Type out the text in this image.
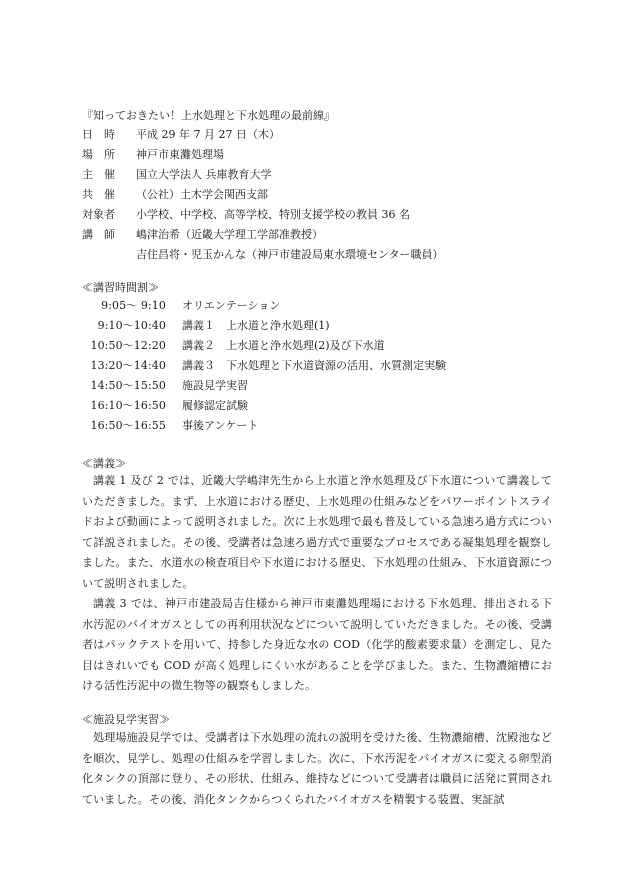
『知っておきたい！上水処理と下水処理の最前線』
日　時	平成 29 年 7 月 27 日（木）
場　所	神戸市東灘処理場
主　催	国立大学法人 兵庫教育大学
共　催	（公社）土木学会関西支部
対象者	小学校、中学校、高等学校、特別支援学校の教員 36 名
講　師	嶋津治希（近畿大学理工学部准教授）
吉住昌将・児玉かんな（神戸市建設局東水環境センター職員）
≪講習時間割≫
9:05～ 9:10	オリエンテーション
9:10～10:40	講義１　上水道と浄水処理(1)
10:50～12:20	講義２　上水道と浄水処理(2)及び下水道
13:20～14:40	講義３　下水処理と下水道資源の活用、水質測定実験
14:50～15:50	施設見学実習
16:10～16:50	履修認定試験
16:50～16:55	事後アンケート
≪講義≫

講義 1 及び 2 では、近畿大学嶋津先生から上水道と浄水処理及び下水道について講義していただきました。まず、上水道における歴史、上水処理の仕組みなどをパワーポイントスライドおよび動画によって説明されました。次に上水処理で最も普及している急速ろ過方式について詳説されました。その後、受講者は急速ろ過方式で重要なプロセスである凝集処理を観察しました。また、水道水の検査項目や下水道における歴史、下水処理の仕組み、下水道資源について説明されました。

講義 3 では、神戸市建設局吉住様から神戸市東灘処理場における下水処理、排出される下水汚泥のバイオガスとしての再利用状況などについて説明していただきました。その後、受講者はパックテストを用いて、持参した身近な水の COD（化学的酸素要求量）を測定し、見た目はきれいでも COD が高く処理しにくい水があることを学びました。また、生物濃縮槽における活性汚泥中の微生物等の観察もしました。

≪施設見学実習≫

処理場施設見学では、受講者は下水処理の流れの説明を受けた後、生物濃縮槽、沈殿池などを順次、見学し、処理の仕組みを学習しました。次に、下水汚泥をバイオガスに変える卵型消化タンクの頂部に登り、その形状、仕組み、維持などについて受講者は職員に活発に質問されていました。その後、消化タンクからつくられたバイオガスを精製する装置、実証試
